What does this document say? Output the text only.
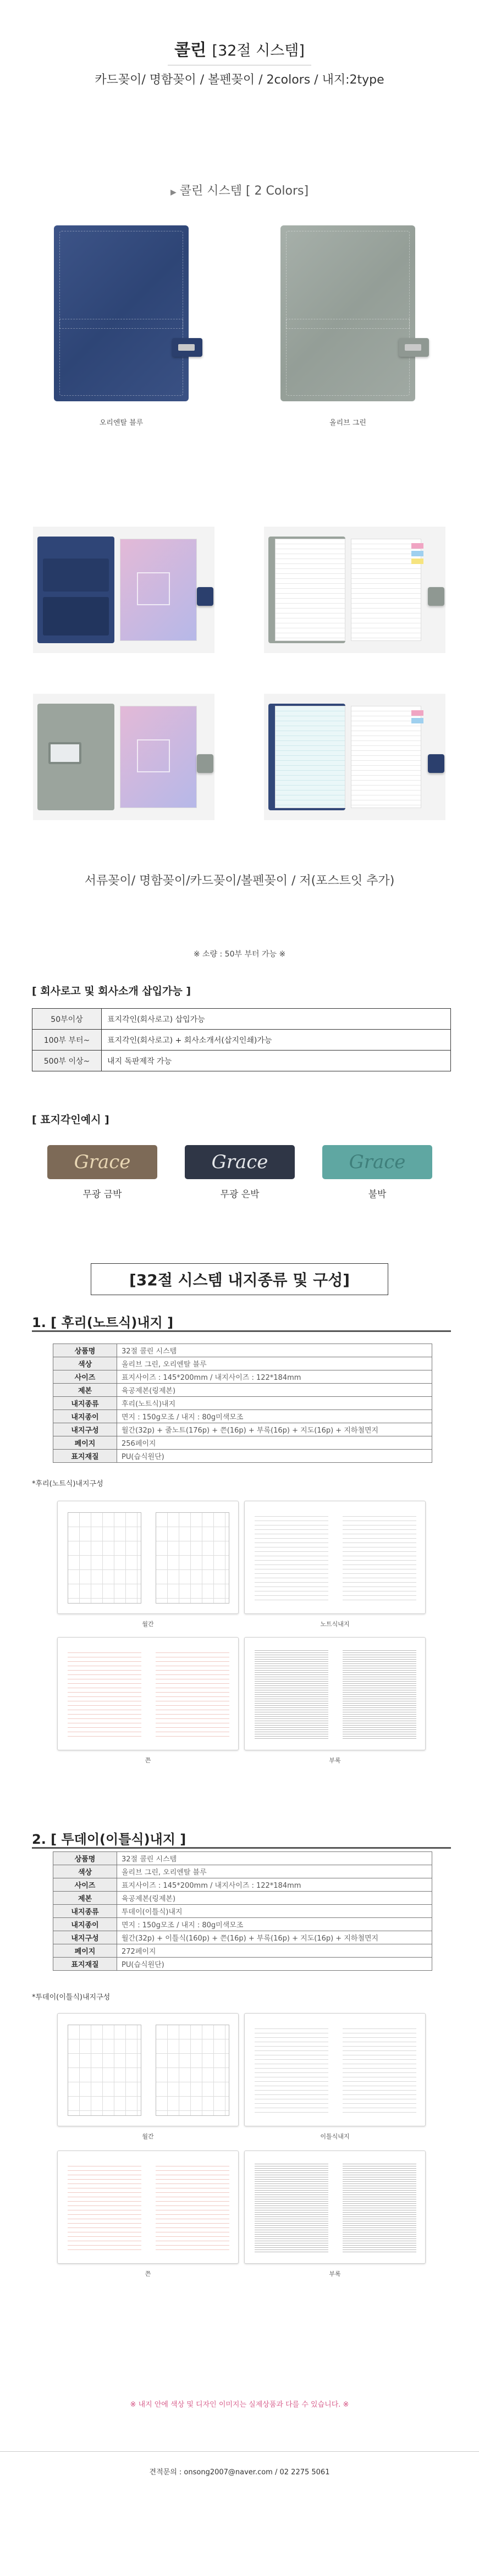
콜린 [32절 시스템]
카드꽂이/ 명함꽂이 / 볼펜꽂이 / 2colors / 내지:2type
▶ 콜린 시스템 [ 2 Colors]
오리엔탈 블루	올리브 그린
서류꽂이/ 명함꽂이/카드꽂이/볼펜꽂이 / 저(포스트잇 추가)
※ 소량 : 50부 부터 가능 ※
[ 회사로고 및 회사소개 삽입가능 ]
50부이상	표지각인(회사로고) 삽입가능
100부 부터~	표지각인(회사로고) + 회사소개서(삽지인쇄)가능
500부 이상~	내지 독판제작 가능
[ 표지각인예시 ]
Grace
무광 금박
Grace
무광 은박
Grace
불박
[32절 시스템 내지종류 및 구성]
1. [ 후리(노트식)내지 ]
상품명	32절 콜린 시스템
색상	올리브 그린, 오리엔탈 블루
사이즈	표지사이즈 : 145*200mm / 내지사이즈 : 122*184mm
제본	육공제본(링제본)
내지종류	후리(노트식)내지
내지종이	면지 : 150g모조 / 내지 : 80g미색모조
내지구성	월간(32p) + 줄노트(176p) + 쯘(16p) + 부록(16p) + 지도(16p) + 지하철면지
페이지	256페이지
표지재질	PU(습식원단)
*후리(노트식)내지구성
월간	노트식내지
쯘	부록
2. [ 투데이(이틀식)내지 ]
상품명	32절 콜린 시스템
색상	올리브 그린, 오리엔탈 블루
사이즈	표지사이즈 : 145*200mm / 내지사이즈 : 122*184mm
제본	육공제본(링제본)
내지종류	투데이(이틀식)내지
내지종이	면지 : 150g모조 / 내지 : 80g미색모조
내지구성	월간(32p) + 이틀식(160p) + 쯘(16p) + 부록(16p) + 지도(16p) + 지하철면지
페이지	272페이지
표지재질	PU(습식원단)
*투데이(이틀식)내지구성
월간	이틀식내지
쯘	부록
※ 내지 안에 색상 및 디자인 이미지는 실제상품과 다를 수 있습니다. ※
견적문의 : onsong2007@naver.com / 02 2275 5061
